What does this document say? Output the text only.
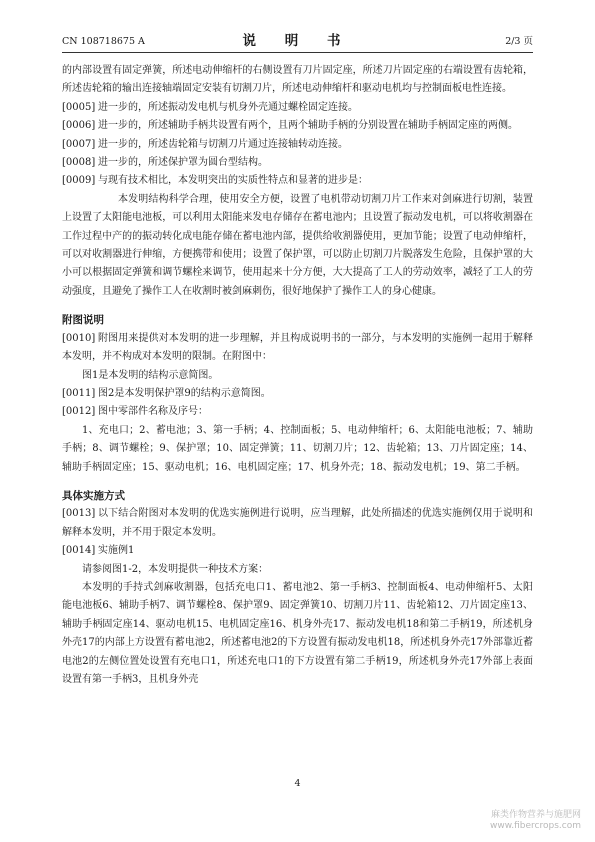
CN 108718675 A	说 明 书	2/3 页

的内部设置有固定弹簧，所述电动伸缩杆的右侧设置有刀片固定座，所述刀片固定座的右端设置有齿轮箱，所述齿轮箱的输出连接轴端固定安装有切割刀片，所述电动伸缩杆和驱动电机均与控制面板电性连接。

[0005] 进一步的，所述振动发电机与机身外壳通过螺栓固定连接。
[0006] 进一步的，所述辅助手柄共设置有两个，且两个辅助手柄的分别设置在辅助手柄固定座的两侧。
[0007] 进一步的，所述齿轮箱与切割刀片通过连接轴转动连接。
[0008] 进一步的，所述保护罩为圆台型结构。
[0009] 与现有技术相比，本发明突出的实质性特点和显著的进步是：
本发明结构科学合理，使用安全方便，设置了电机带动切割刀片工作来对剑麻进行切割，装置上设置了太阳能电池板，可以利用太阳能来发电存储存在蓄电池内；且设置了振动发电机，可以将收割器在工作过程中产的的振动转化成电能存储在蓄电池内部，提供给收割器使用，更加节能；设置了电动伸缩杆，可以对收割器进行伸缩，方便携带和使用；设置了保护罩，可以防止切割刀片脱落发生危险，且保护罩的大小可以根据固定弹簧和调节螺栓来调节，使用起来十分方便，大大提高了工人的劳动效率，减轻了工人的劳动强度，且避免了操作工人在收割时被剑麻刺伤，很好地保护了操作工人的身心健康。

附图说明

[0010] 附图用来提供对本发明的进一步理解，并且构成说明书的一部分，与本发明的实施例一起用于解释本发明，并不构成对本发明的限制。在附图中：
图1是本发明的结构示意简图。
[0011] 图2是本发明保护罩9的结构示意简图。
[0012] 图中零部件名称及序号：
1、充电口；2、蓄电池；3、第一手柄；4、控制面板；5、电动伸缩杆；6、太阳能电池板；7、辅助手柄；8、调节螺栓；9、保护罩；10、固定弹簧；11、切割刀片；12、齿轮箱；13、刀片固定座；14、辅助手柄固定座；15、驱动电机；16、电机固定座；17、机身外壳；18、振动发电机；19、第二手柄。

具体实施方式

[0013] 以下结合附图对本发明的优选实施例进行说明，应当理解，此处所描述的优选实施例仅用于说明和解释本发明，并不用于限定本发明。
[0014] 实施例1
请参阅图1-2，本发明提供一种技术方案：
本发明的手持式剑麻收割器，包括充电口1、蓄电池2、第一手柄3、控制面板4、电动伸缩杆5、太阳能电池板6、辅助手柄7、调节螺栓8、保护罩9、固定弹簧10、切割刀片11、齿轮箱12、刀片固定座13、辅助手柄固定座14、驱动电机15、电机固定座16、机身外壳17、振动发电机18和第二手柄19，所述机身外壳17的内部上方设置有蓄电池2，所述蓄电池2的下方设置有振动发电机18，所述机身外壳17外部靠近蓄电池2的左侧位置处设置有充电口1，所述充电口1的下方设置有第二手柄19，所述机身外壳17外部上表面设置有第一手柄3，且机身外壳
4
麻类作物营养与施肥网
www.fibercrops.com
